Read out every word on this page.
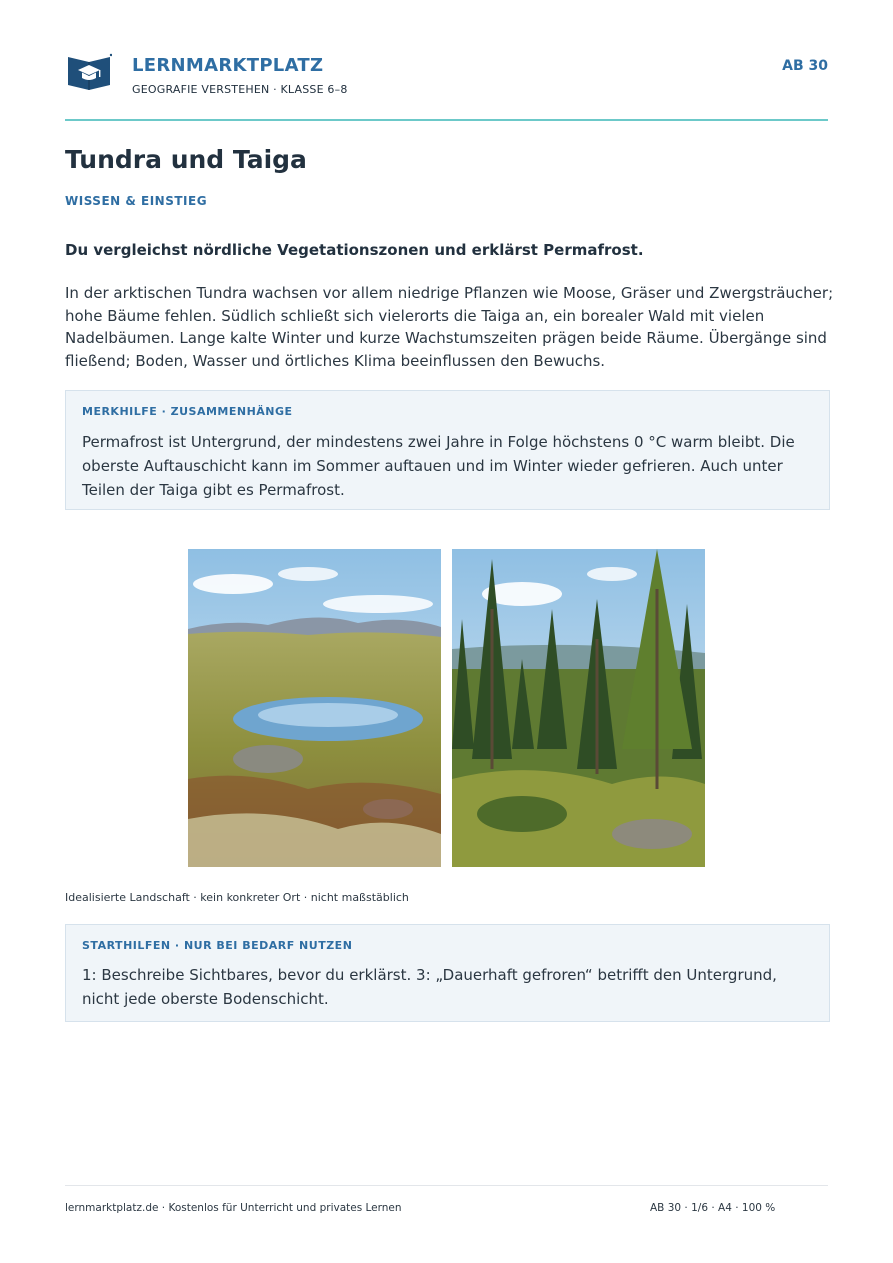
LERNMARKTPLATZ
GEOGRAFIE VERSTEHEN · KLASSE 6–8
AB 30
Tundra und Taiga
WISSEN & EINSTIEG
Du vergleichst nördliche Vegetationszonen und erklärst Permafrost.

In der arktischen Tundra wachsen vor allem niedrige Pflanzen wie Moose, Gräser und Zwergsträucher; hohe Bäume fehlen. Südlich schließt sich vielerorts die Taiga an, ein borealer Wald mit vielen Nadelbäumen. Lange kalte Winter und kurze Wachstumszeiten prägen beide Räume. Übergänge sind fließend; Boden, Wasser und örtliches Klima beeinflussen den Bewuchs.

MERKHILFE · ZUSAMMENHÄNGE

Permafrost ist Untergrund, der mindestens zwei Jahre in Folge höchstens 0 °C warm bleibt. Die oberste Auftauschicht kann im Sommer auftauen und im Winter wieder gefrieren. Auch unter Teilen der Taiga gibt es Permafrost.

Idealisierte Landschaft · kein konkreter Ort · nicht maßstäblich
STARTHILFEN · NUR BEI BEDARF NUTZEN

1: Beschreibe Sichtbares, bevor du erklärst. 3: „Dauerhaft gefroren“ betrifft den Untergrund, nicht jede oberste Bodenschicht.

lernmarktplatz.de · Kostenlos für Unterricht und privates Lernen	AB 30 · 1/6 · A4 · 100 %
